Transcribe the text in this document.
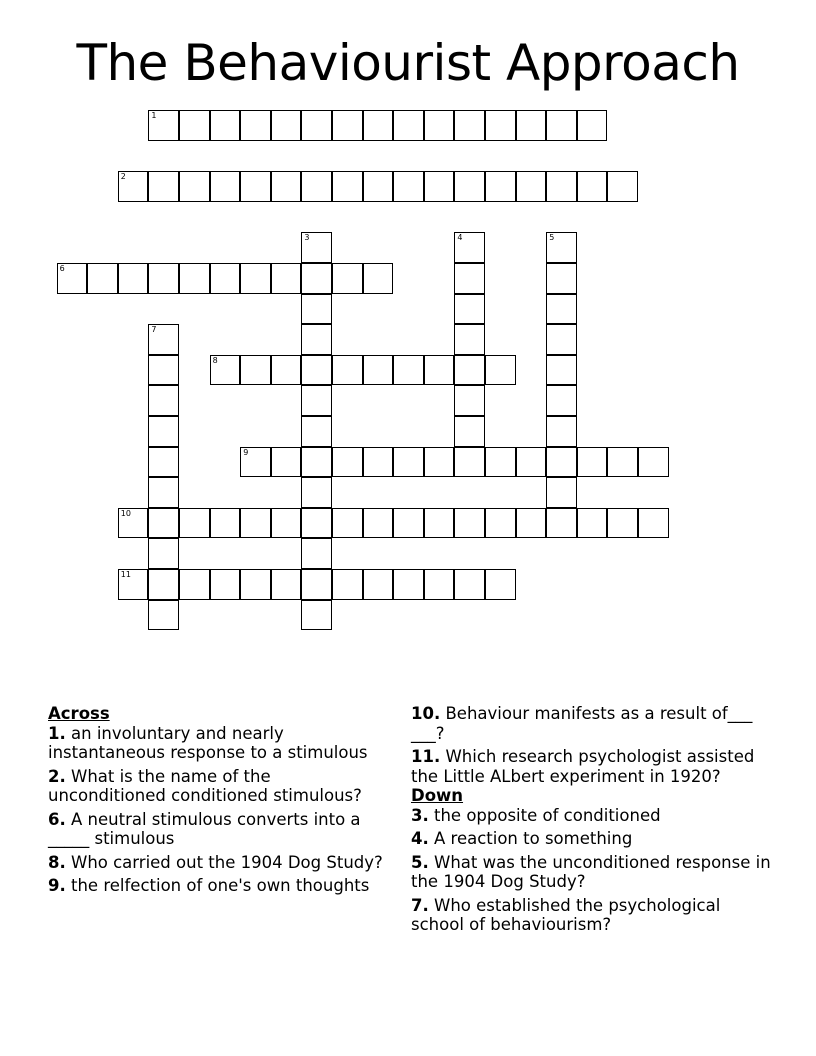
The Behaviourist Approach
1
2
3	4	5
6
7
8
9
10
11
Across
1. an involuntary and nearly instantaneous response to a stimulous
2. What is the name of the unconditioned conditioned stimulous?
6. A neutral stimulous converts into a _____ stimulous
8. Who carried out the 1904 Dog Study?
9. the relfection of one's own thoughts
10. Behaviour manifests as a result of___ ___?
11. Which research psychologist assisted the Little ALbert experiment in 1920?
Down
3. the opposite of conditioned
4. A reaction to something
5. What was the unconditioned response in the 1904 Dog Study?
7. Who established the psychological school of behaviourism?
